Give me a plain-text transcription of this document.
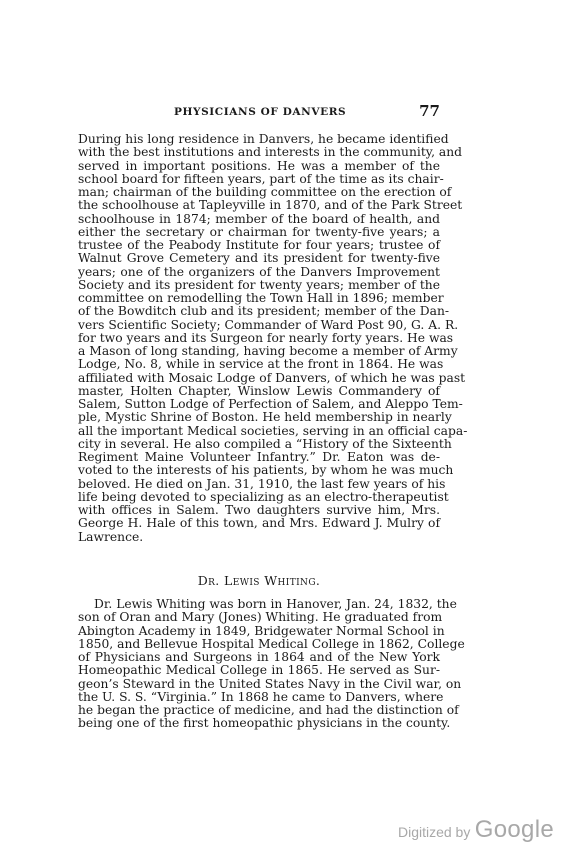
PHYSICIANS OF DANVERS	77
During his long residence in Danvers, he became identified
with the best institutions and interests in the community, and
served in important positions. He was a member of the
school board for fifteen years, part of the time as its chair-
man; chairman of the building committee on the erection of
the schoolhouse at Tapleyville in 1870, and of the Park Street
schoolhouse in 1874; member of the board of health, and
either the secretary or chairman for twenty-five years; a
trustee of the Peabody Institute for four years; trustee of
Walnut Grove Cemetery and its president for twenty-five
years; one of the organizers of the Danvers Improvement
Society and its president for twenty years; member of the
committee on remodelling the Town Hall in 1896; member
of the Bowditch club and its president; member of the Dan-
vers Scientific Society; Commander of Ward Post 90, G. A. R.
for two years and its Surgeon for nearly forty years. He was
a Mason of long standing, having become a member of Army
Lodge, No. 8, while in service at the front in 1864. He was
affiliated with Mosaic Lodge of Danvers, of which he was past
master, Holten Chapter, Winslow Lewis Commandery of
Salem, Sutton Lodge of Perfection of Salem, and Aleppo Tem-
ple, Mystic Shrine of Boston. He held membership in nearly
all the important Medical societies, serving in an official capa-
city in several. He also compiled a “History of the Sixteenth
Regiment Maine Volunteer Infantry.” Dr. Eaton was de-
voted to the interests of his patients, by whom he was much
beloved. He died on Jan. 31, 1910, the last few years of his
life being devoted to specializing as an electro-therapeutist
with offices in Salem. Two daughters survive him, Mrs.
George H. Hale of this town, and Mrs. Edward J. Mulry of
Lawrence.
Dr. Lewis Whiting.
Dr. Lewis Whiting was born in Hanover, Jan. 24, 1832, the
son of Oran and Mary (Jones) Whiting. He graduated from
Abington Academy in 1849, Bridgewater Normal School in
1850, and Bellevue Hospital Medical College in 1862, College
of Physicians and Surgeons in 1864 and of the New York
Homeopathic Medical College in 1865. He served as Sur-
geon’s Steward in the United States Navy in the Civil war, on
the U. S. S. “Virginia.” In 1868 he came to Danvers, where
he began the practice of medicine, and had the distinction of
being one of the first homeopathic physicians in the county.
Digitized by Google
